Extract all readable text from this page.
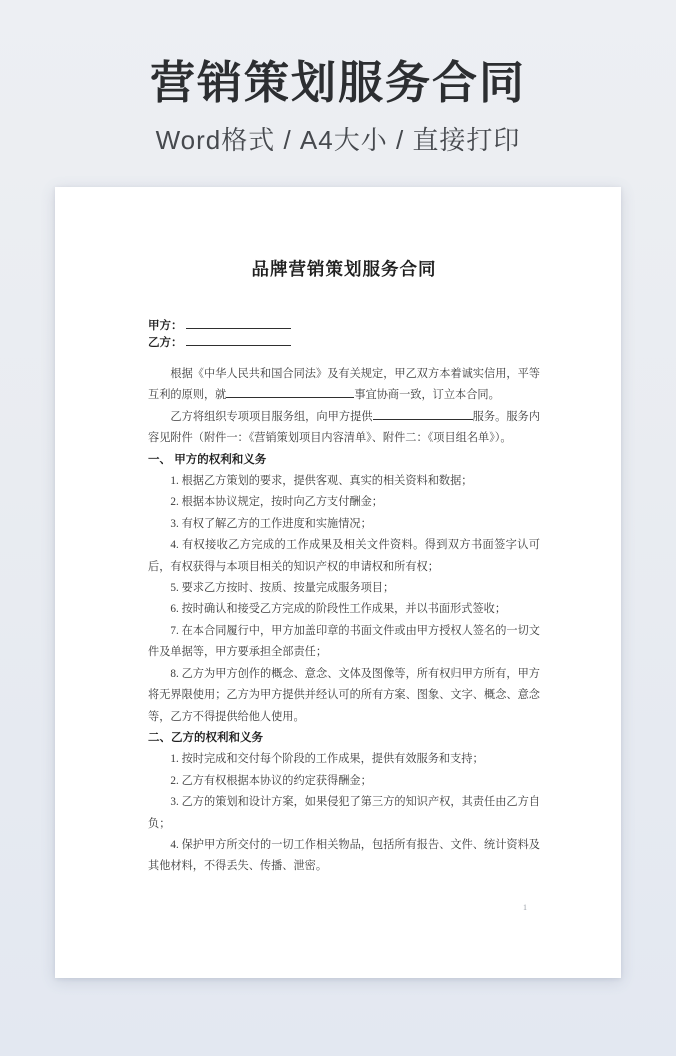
营销策划服务合同
Word格式 / A4大小 / 直接打印
品牌营销策划服务合同
甲方：
乙方：

根据《中华人民共和国合同法》及有关规定，甲乙双方本着诚实信用，平等互利的原则，就	事宜协商一致，订立本合同。

乙方将组织专项项目服务组，向甲方提供	服务。服务内容见附件（附件一：《营销策划项目内容清单》、附件二：《项目组名单》）。

一、 甲方的权利和义务

1. 根据乙方策划的要求，提供客观、真实的相关资料和数据；

2. 根据本协议规定，按时向乙方支付酬金；

3. 有权了解乙方的工作进度和实施情况；

4. 有权接收乙方完成的工作成果及相关文件资料。得到双方书面签字认可后，有权获得与本项目相关的知识产权的申请权和所有权；

5. 要求乙方按时、按质、按量完成服务项目；

6. 按时确认和接受乙方完成的阶段性工作成果，并以书面形式签收；

7. 在本合同履行中，甲方加盖印章的书面文件或由甲方授权人签名的一切文件及单据等，甲方要承担全部责任；

8. 乙方为甲方创作的概念、意念、文体及图像等，所有权归甲方所有，甲方将无界限使用；乙方为甲方提供并经认可的所有方案、图象、文字、概念、意念等，乙方不得提供给他人使用。

二、乙方的权利和义务

1. 按时完成和交付每个阶段的工作成果，提供有效服务和支持；

2. 乙方有权根据本协议的约定获得酬金；

3. 乙方的策划和设计方案，如果侵犯了第三方的知识产权，其责任由乙方自负；

4. 保护甲方所交付的一切工作相关物品，包括所有报告、文件、统计资料及其他材料，不得丢失、传播、泄密。

1
